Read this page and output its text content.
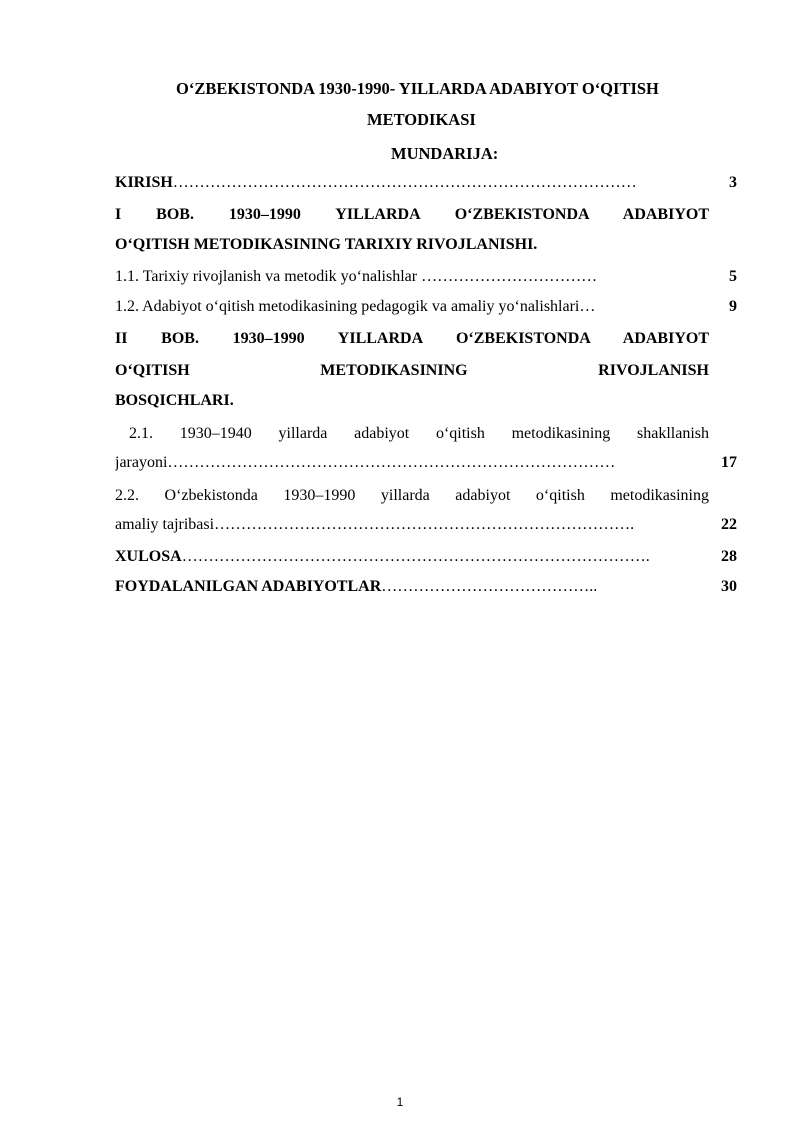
O‘ZBEKISTONDA 1930-1990- YILLARDA ADABIYOT O‘QITISH
METODIKASI
MUNDARIJA:
KIRISH……………………………………………………………………………	3
I BOB. 1930–1990 YILLARDA O‘ZBEKISTONDA ADABIYOT
O‘QITISH METODIKASINING TARIXIY RIVOJLANISHI.
1.1. Tarixiy rivojlanish va metodik yo‘nalishlar ……………………………	5
1.2. Adabiyot o‘qitish metodikasining pedagogik va amaliy yo‘nalishlari…	9
II BOB. 1930–1990 YILLARDA O‘ZBEKISTONDA ADABIYOT
O‘QITISH METODIKASINING RIVOJLANISH
BOSQICHLARI.
2.1. 1930–1940 yillarda adabiyot o‘qitish metodikasining shakllanish
jarayoni…………………………………………………………………………	17
2.2. O‘zbekistonda 1930–1990 yillarda adabiyot o‘qitish metodikasining
amaliy tajribasi…………………………………………………………………….	22
XULOSA…………………………………………………………………………….	28
FOYDALANILGAN ADABIYOTLAR…………………………………..	30
1
